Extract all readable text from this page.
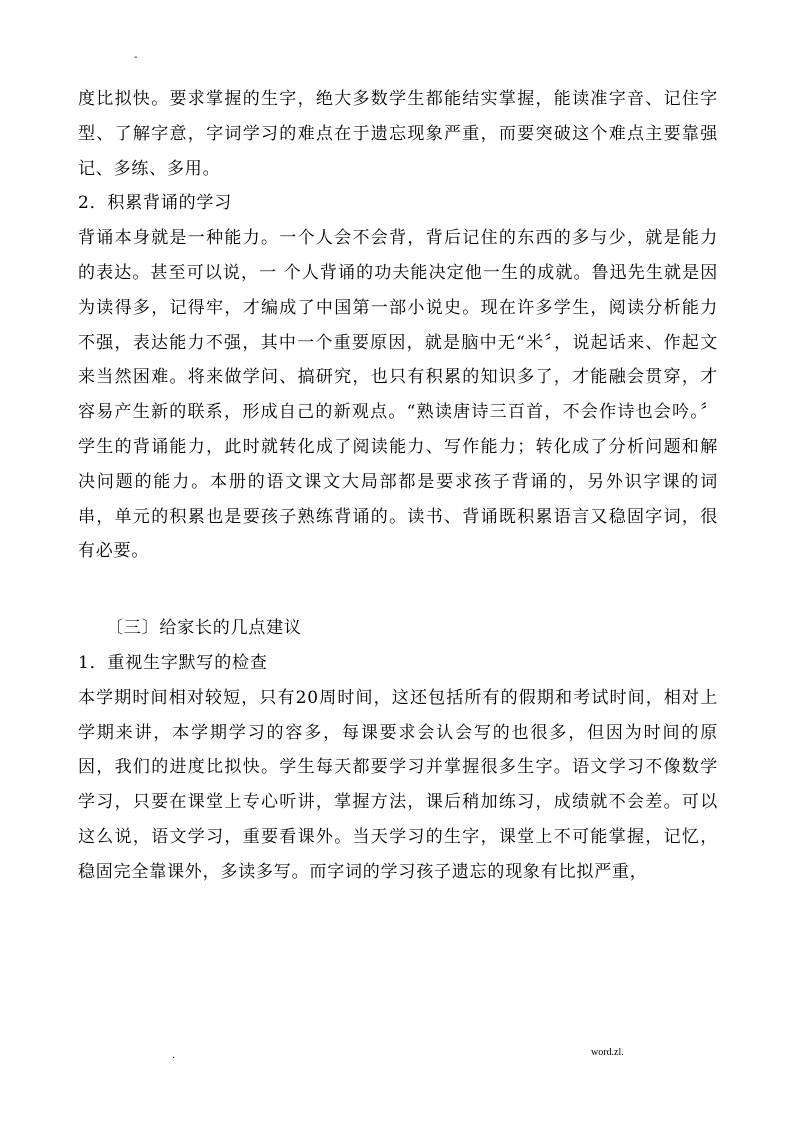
-

度比拟快。要求掌握的生字，绝大多数学生都能结实掌握，能读准字音、记住字型、了解字意，字词学习的难点在于遗忘现象严重，而要突破这个难点主要靠强记、多练、多用。

2．积累背诵的学习

背诵本身就是一种能力。一个人会不会背，背后记住的东西的多与少，就是能力的表达。甚至可以说，一 个人背诵的功夫能决定他一生的成就。鲁迅先生就是因为读得多，记得牢，才编成了中国第一部小说史。现在许多学生，阅读分析能力不强，表达能力不强，其中一个重要原因，就是脑中无“米〞，说起话来、作起文来当然困难。将来做学问、搞研究，也只有积累的知识多了，才能融会贯穿，才容易产生新的联系，形成自己的新观点。“熟读唐诗三百首，不会作诗也会吟。〞学生的背诵能力，此时就转化成了阅读能力、写作能力；转化成了分析问题和解决问题的能力。本册的语文课文大局部都是要求孩子背诵的，另外识字课的词串，单元的积累也是要孩子熟练背诵的。读书、背诵既积累语言又稳固字词，很有必要。

〔三〕给家长的几点建议

1．重视生字默写的检查

本学期时间相对较短，只有20周时间，这还包括所有的假期和考试时间，相对上学期来讲，本学期学习的容多，每课要求会认会写的也很多，但因为时间的原因，我们的进度比拟快。学生每天都要学习并掌握很多生字。语文学习不像数学学习，只要在课堂上专心听讲，掌握方法，课后稍加练习，成绩就不会差。可以这么说，语文学习，重要看课外。当天学习的生字，课堂上不可能掌握，记忆，稳固完全靠课外，多读多写。而字词的学习孩子遗忘的现象有比拟严重，

.	word.zl.
